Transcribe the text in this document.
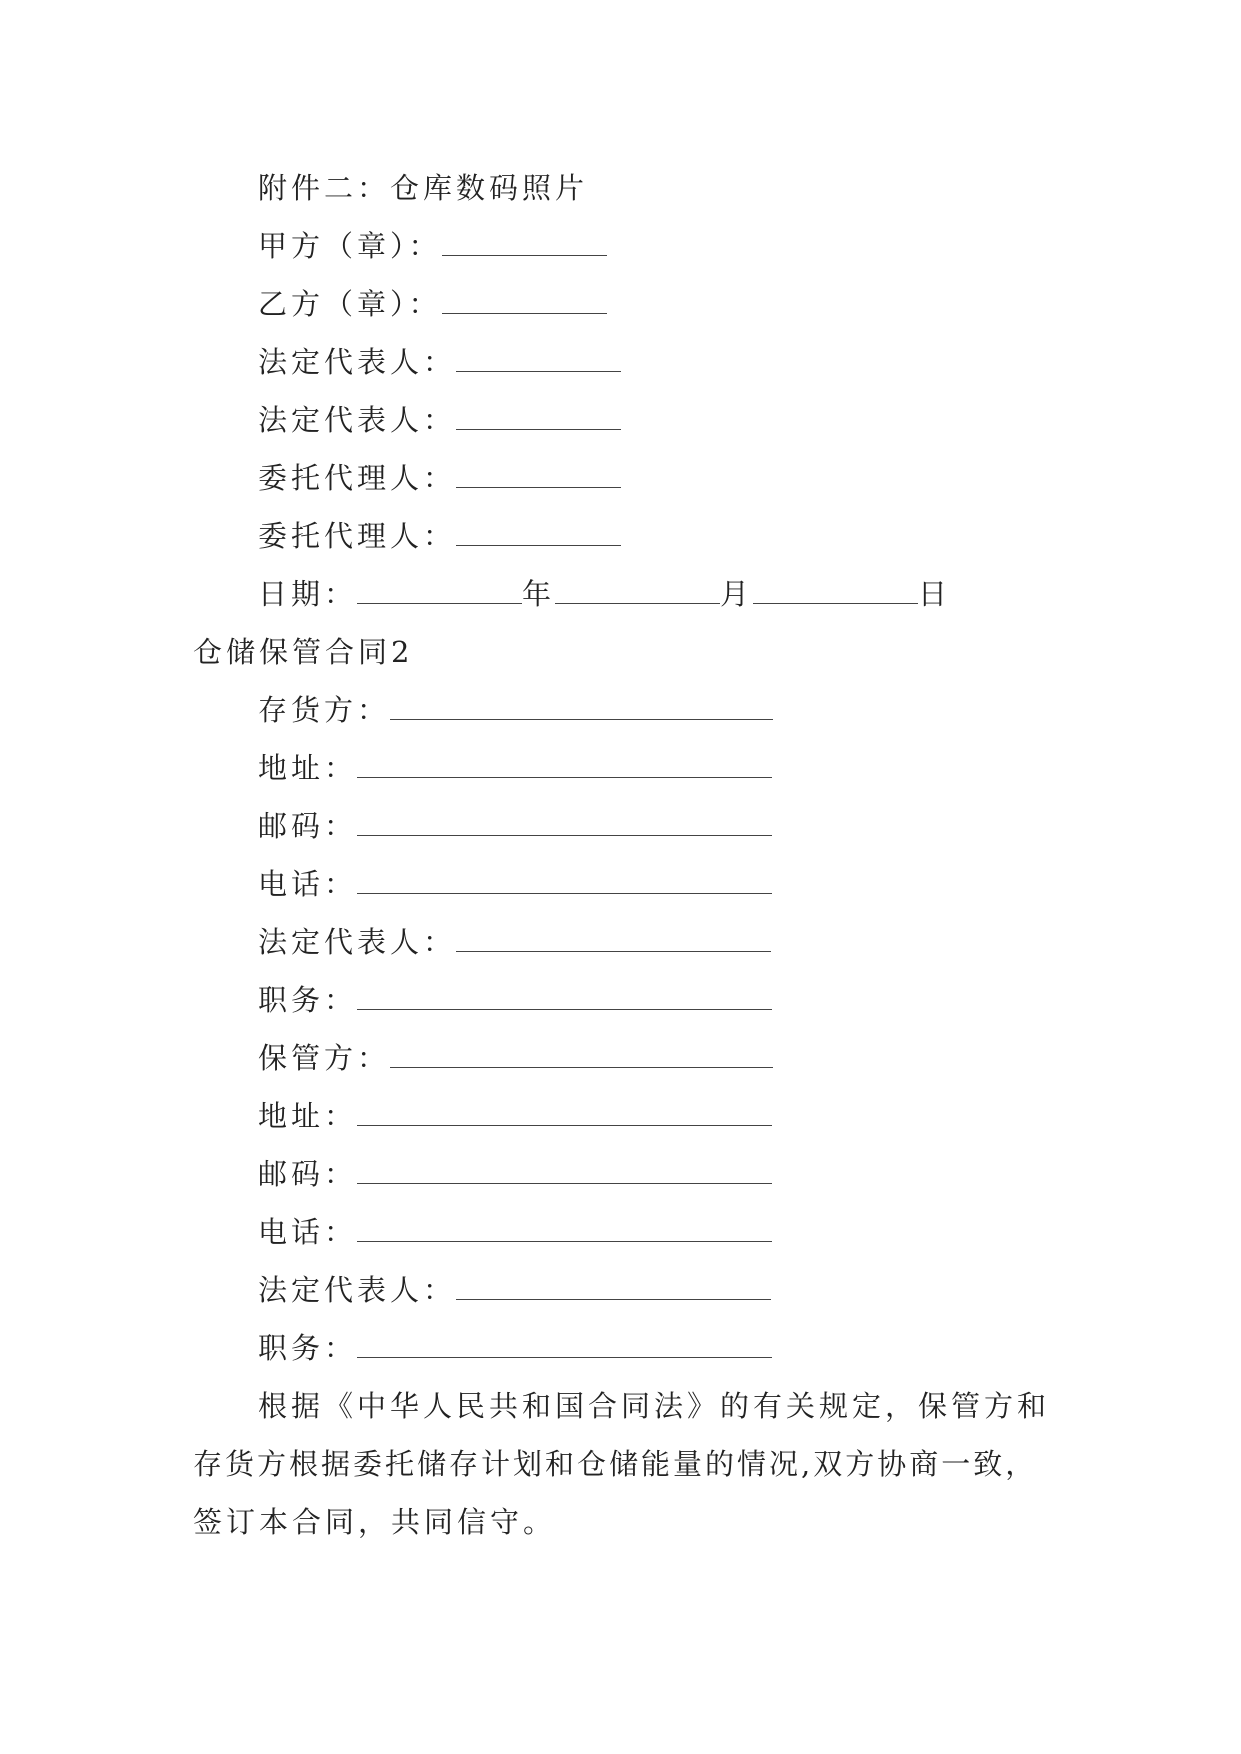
附件二：仓库数码照片
甲方（章）：
乙方（章）：
法定代表人：
法定代表人：
委托代理人：
委托代理人：
日期：	年	月	日
仓储保管合同2
存货方：
地址：
邮码：
电话：
法定代表人：
职务：
保管方：
地址：
邮码：
电话：
法定代表人：
职务：
根据《中华人民共和国合同法》的有关规定，保管方和
存货方根据委托储存计划和仓储能量的情况,双方协商一致，
签订本合同，共同信守。
